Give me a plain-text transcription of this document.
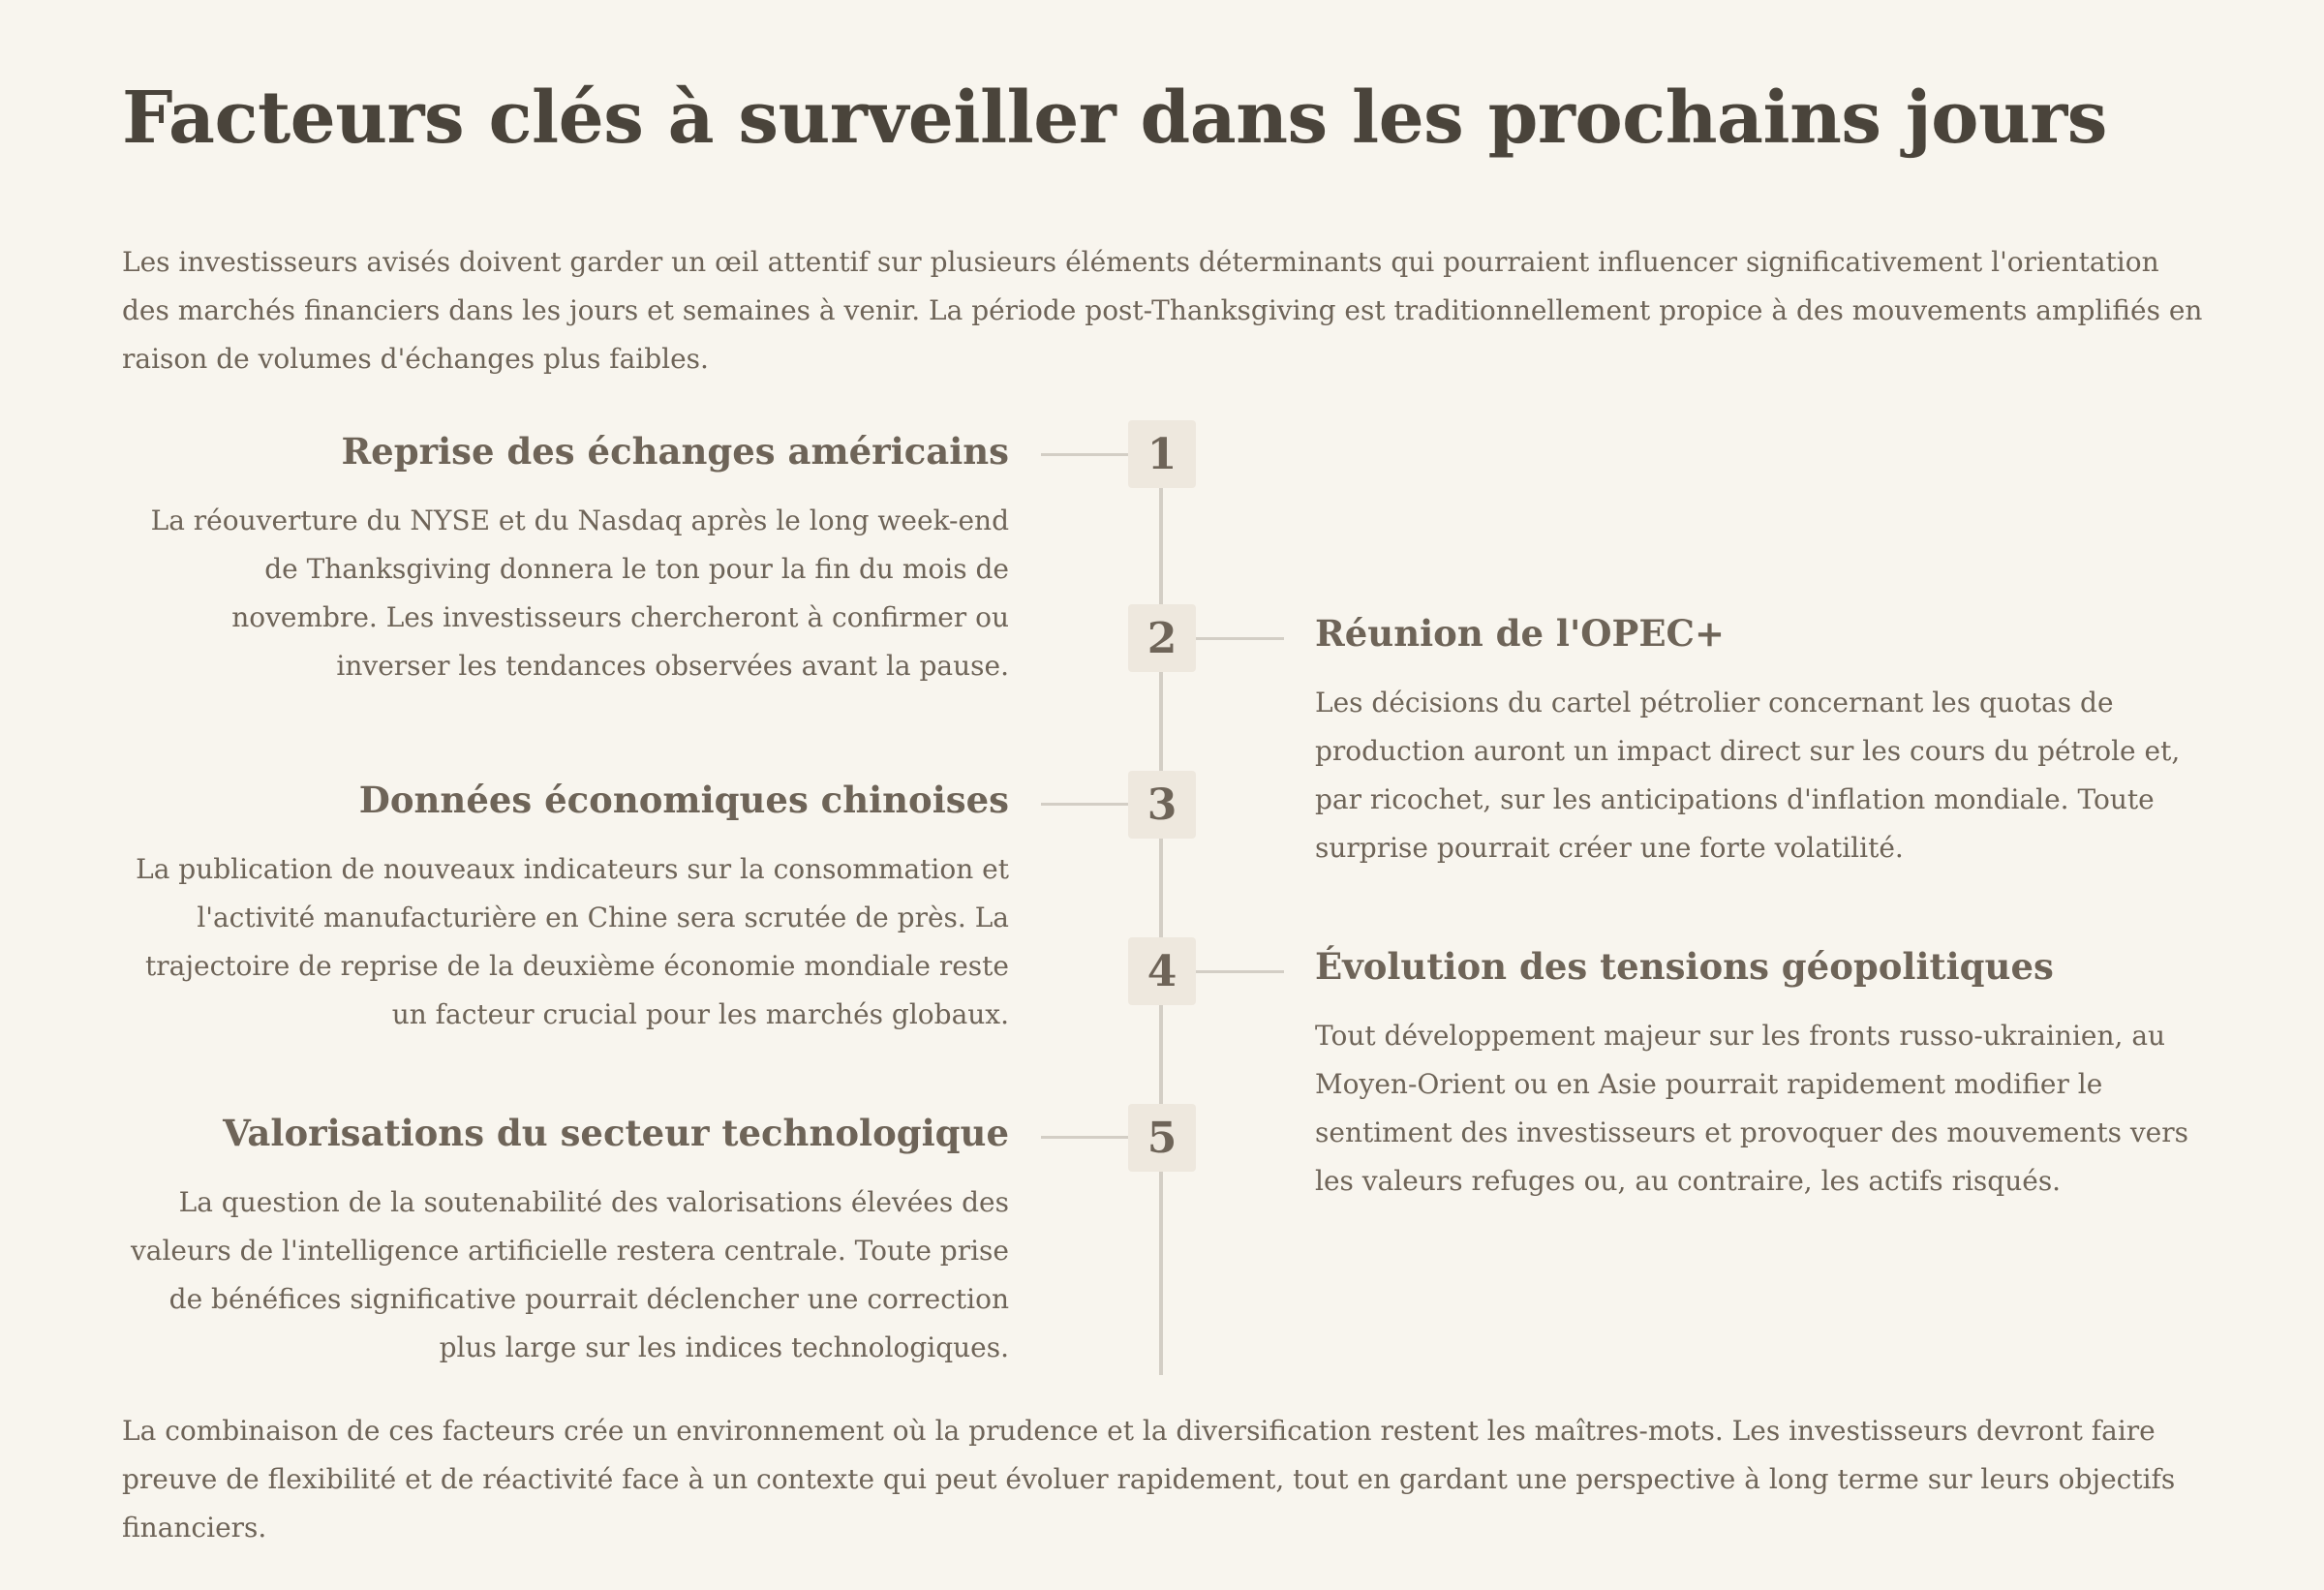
Facteurs clés à surveiller dans les prochains jours

Les investisseurs avisés doivent garder un œil attentif sur plusieurs éléments déterminants qui pourraient influencer significativement l'orientation des marchés financiers dans les jours et semaines à venir. La période post-Thanksgiving est traditionnellement propice à des mouvements amplifiés en raison de volumes d'échanges plus faibles.

1
Reprise des échanges américains

La réouverture du NYSE et du Nasdaq après le long week-end de Thanksgiving donnera le ton pour la fin du mois de novembre. Les investisseurs chercheront à confirmer ou inverser les tendances observées avant la pause.

2	Réunion de l'OPEC+

Les décisions du cartel pétrolier concernant les quotas de production auront un impact direct sur les cours du pétrole et, par ricochet, sur les anticipations d'inflation mondiale. Toute surprise pourrait créer une forte volatilité.

3
Données économiques chinoises

La publication de nouveaux indicateurs sur la consommation et l'activité manufacturière en Chine sera scrutée de près. La trajectoire de reprise de la deuxième économie mondiale reste un facteur crucial pour les marchés globaux.

4	Évolution des tensions géopolitiques

Tout développement majeur sur les fronts russo-ukrainien, au Moyen-Orient ou en Asie pourrait rapidement modifier le sentiment des investisseurs et provoquer des mouvements vers les valeurs refuges ou, au contraire, les actifs risqués.

5
Valorisations du secteur technologique

La question de la soutenabilité des valorisations élevées des valeurs de l'intelligence artificielle restera centrale. Toute prise de bénéfices significative pourrait déclencher une correction plus large sur les indices technologiques.

La combinaison de ces facteurs crée un environnement où la prudence et la diversification restent les maîtres-mots. Les investisseurs devront faire preuve de flexibilité et de réactivité face à un contexte qui peut évoluer rapidement, tout en gardant une perspective à long terme sur leurs objectifs financiers.
